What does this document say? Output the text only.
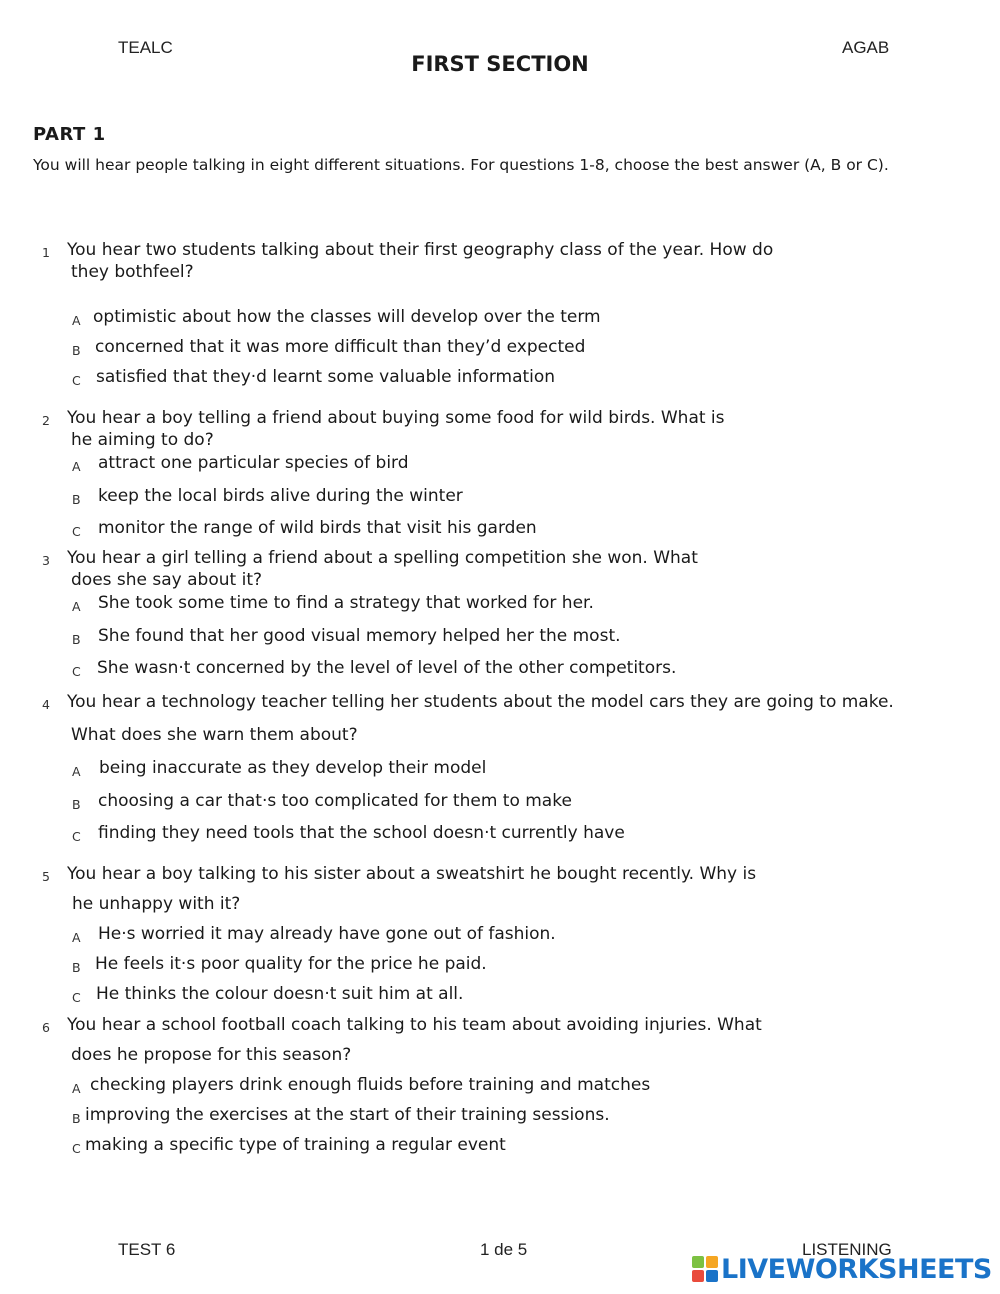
TEALC	AGAB
FIRST SECTION
PART 1
You will hear people talking in eight different situations. For questions 1-8, choose the best answer (A, B or C).
1 You hear two students talking about their first geography class of the year. How do
they bothfeel?
A optimistic about how the classes will develop over the term
B concerned that it was more diﬃcult than they’d expected
C satisﬁed that they·d learnt some valuable information
2 You hear a boy telling a friend about buying some food for wild birds. What is
he aiming to do?
A attract one particular species of bird
B keep the local birds alive during the winter
C monitor the range of wild birds that visit his garden
3 You hear a girl telling a friend about a spelling competition she won. What
does she say about it?
A She took some time to ﬁnd a strategy that worked for her.
B She found that her good visual memory helped her the most.
C She wasn·t concerned by the level of level of the other competitors.
4 You hear a technology teacher telling her students about the model cars they are going to make.
What does she warn them about?
A being inaccurate as they develop their model
B choosing a car that·s too complicated for them to make
C ﬁnding they need tools that the school doesn·t currently have
5 You hear a boy talking to his sister about a sweatshirt he bought recently. Why is
he unhappy with it?
A He·s worried it may already have gone out of fashion.
B He feels it·s poor quality for the price he paid.
C He thinks the colour doesn·t suit him at all.
6 You hear a school football coach talking to his team about avoiding injuries. What
does he propose for this season?
A checking players drink enough ﬂuids before training and matches
B improving the exercises at the start of their training sessions.
C making a speciﬁc type of training a regular event
TEST 6	1 de 5	LISTENING
LIVEWORKSHEETS
